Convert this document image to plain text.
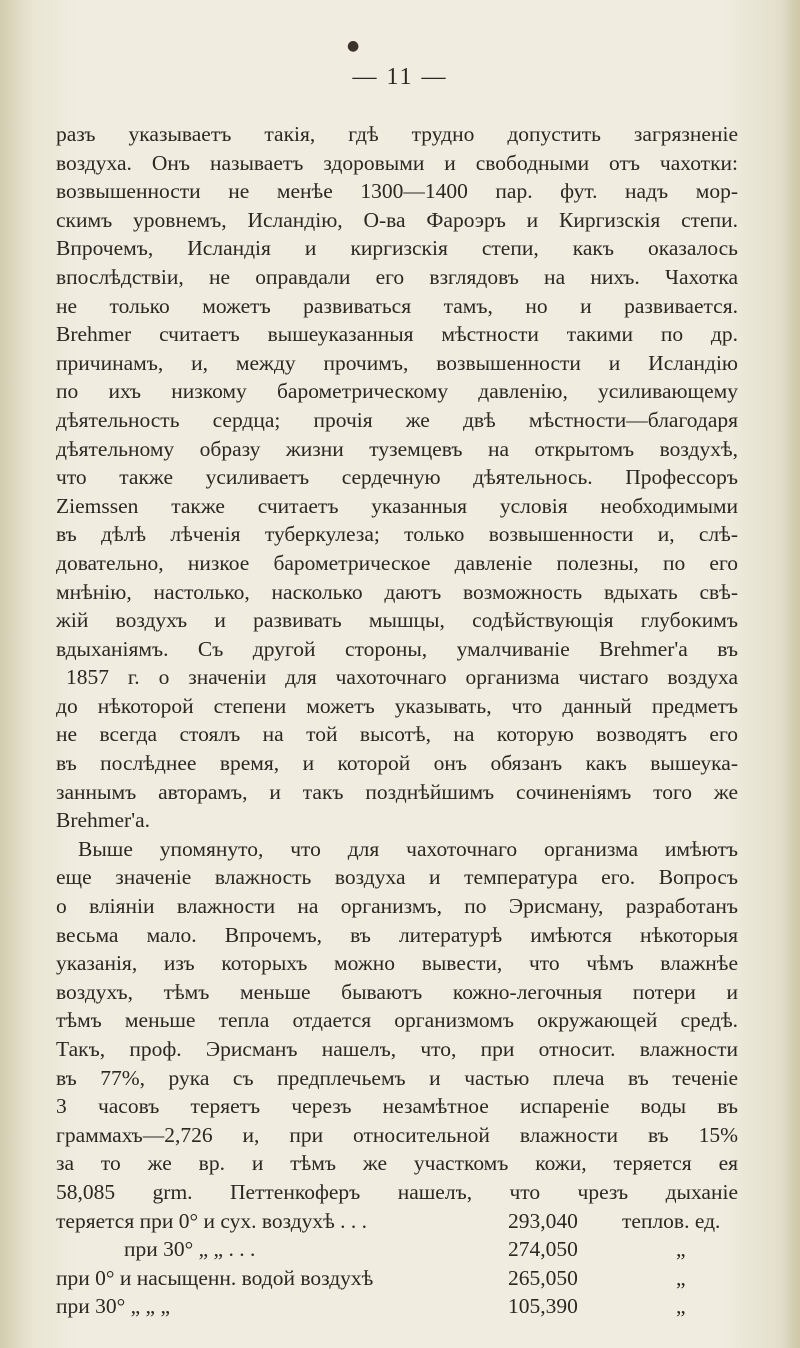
●
— 11 —
разъ указываетъ такія, гдѣ трудно допустить загрязненіе
воздуха. Онъ называетъ здоровыми и свободными отъ чахотки:
возвышенности не менѣе 1300—1400 пар. фут. надъ мор-
скимъ уровнемъ, Исландію, О-ва Фароэръ и Киргизскія степи.
Впрочемъ, Исландія и киргизскія степи, какъ оказалось
впослѣдствіи, не оправдали его взглядовъ на нихъ. Чахотка
не только можетъ развиваться тамъ, но и развивается.
Brehmer считаетъ вышеуказанныя мѣстности такими по др.
причинамъ, и, между прочимъ, возвышенности и Исландію
по ихъ низкому барометрическому давленію, усиливающему
дѣятельность сердца; прочія же двѣ мѣстности—благодаря
дѣятельному образу жизни туземцевъ на открытомъ воздухѣ,
что также усиливаетъ сердечную дѣятельнось. Профессоръ
Ziemssen также считаетъ указанныя условія необходимыми
въ дѣлѣ лѣченія туберкулеза; только возвышенности и, слѣ-
довательно, низкое барометрическое давленіе полезны, по его
мнѣнію, настолько, насколько даютъ возможность вдыхать свѣ-
жій воздухъ и развивать мышцы, содѣйствующія глубокимъ
вдыханіямъ. Съ другой стороны, умалчиваніе Brehmer'а въ
1857 г. о значеніи для чахоточнаго организма чистаго воздуха
до нѣкоторой степени можетъ указывать, что данный предметъ
не всегда стоялъ на той высотѣ, на которую возводятъ его
въ послѣднее время, и которой онъ обязанъ какъ вышеука-
заннымъ авторамъ, и такъ позднѣйшимъ сочиненіямъ того же
Brehmer'а.
Выше упомянуто, что для чахоточнаго организма имѣютъ
еще значеніе влажность воздуха и температура его. Вопросъ
о вліяніи влажности на организмъ, по Эрисману, разработанъ
весьма мало. Впрочемъ, въ литературѣ имѣются нѣкоторыя
указанія, изъ которыхъ можно вывести, что чѣмъ влажнѣе
воздухъ, тѣмъ меньше бываютъ кожно-легочныя потери и
тѣмъ меньше тепла отдается организмомъ окружающей средѣ.
Такъ, проф. Эрисманъ нашелъ, что, при относит. влажности
въ 77%, рука съ предплечьемъ и частью плеча въ теченіе
3 часовъ теряетъ черезъ незамѣтное испареніе воды въ
граммахъ—2,726 и, при относительной влажности въ 15%
за то же вр. и тѣмъ же участкомъ кожи, теряется ея
58,085 grm. Петтенкоферъ нашелъ, что чрезъ дыханіе
теряется при 0° и сух. воздухѣ . . .	293,040 теплов. ед.
при 30° „ „ . . .	274,050	„
при 0° и насыщенн. водой воздухѣ	265,050	„
при 30° „ „ „	105,390	„
